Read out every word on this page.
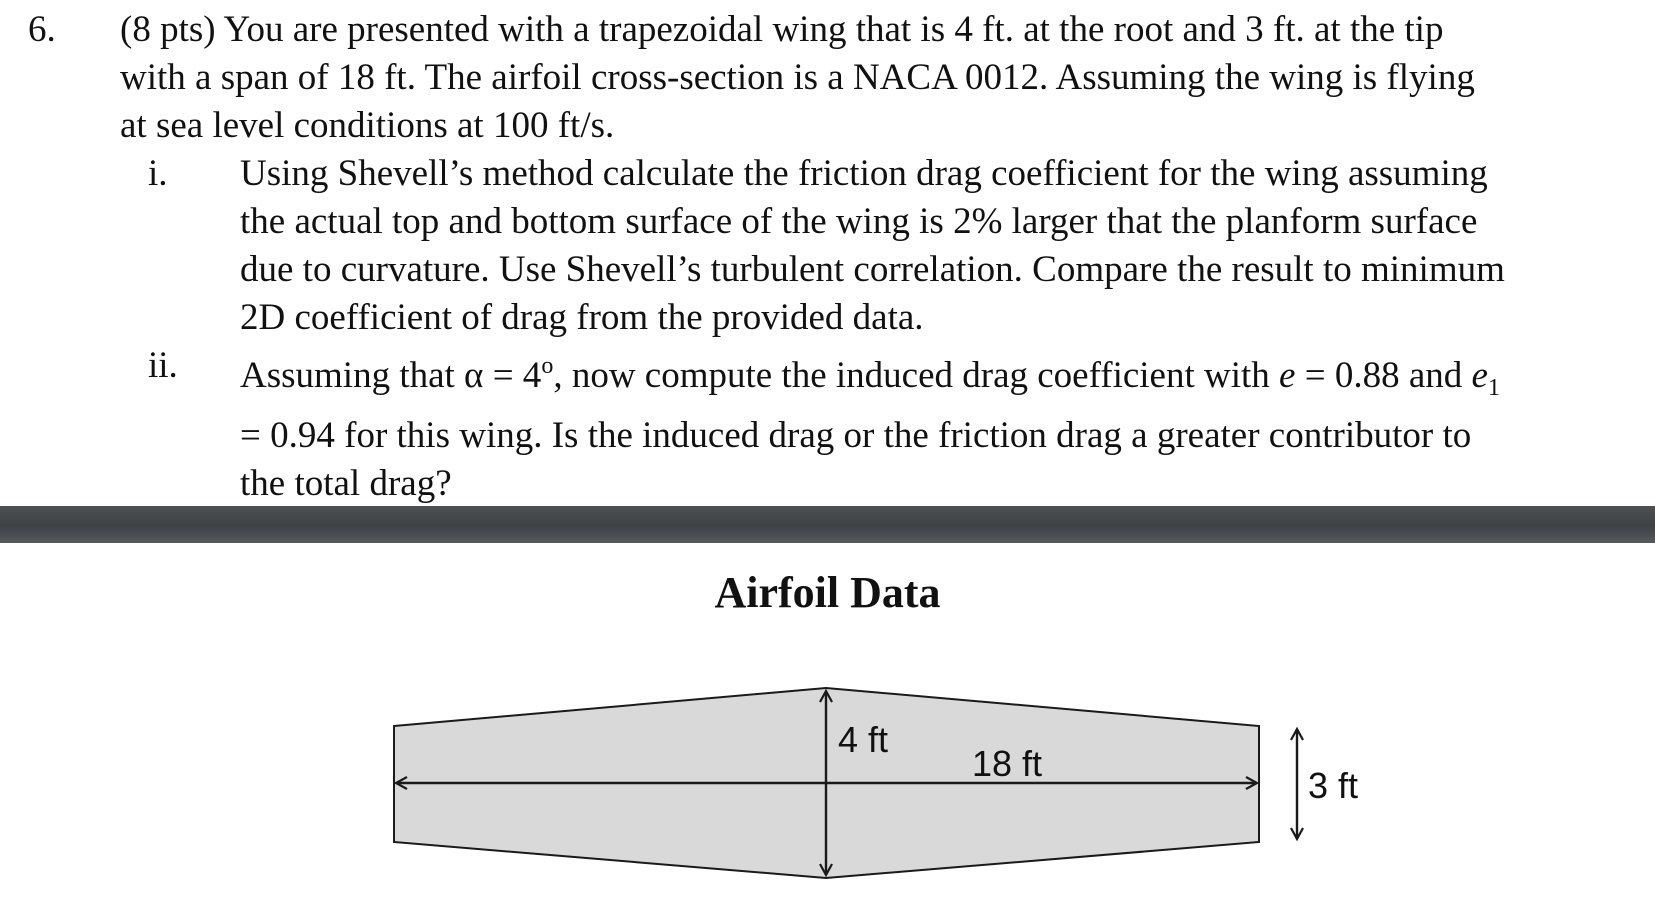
6. (8 pts) You are presented with a trapezoidal wing that is 4 ft. at the root and 3 ft. at the tip
with a span of 18 ft. The airfoil cross-section is a NACA 0012. Assuming the wing is flying
at sea level conditions at 100 ft/s.
i. Using Shevell’s method calculate the friction drag coefficient for the wing assuming
the actual top and bottom surface of the wing is 2% larger that the planform surface
due to curvature. Use Shevell’s turbulent correlation. Compare the result to minimum
2D coefficient of drag from the provided data.
ii. Assuming that $\alpha = 4^o$, now compute the induced drag coefficient with e = 0.88 and $e_1$
= 0.94 for this wing. Is the induced drag or the friction drag a greater contributor to
the total drag?
Airfoil Data
4 ft
18 ft
3 ft
